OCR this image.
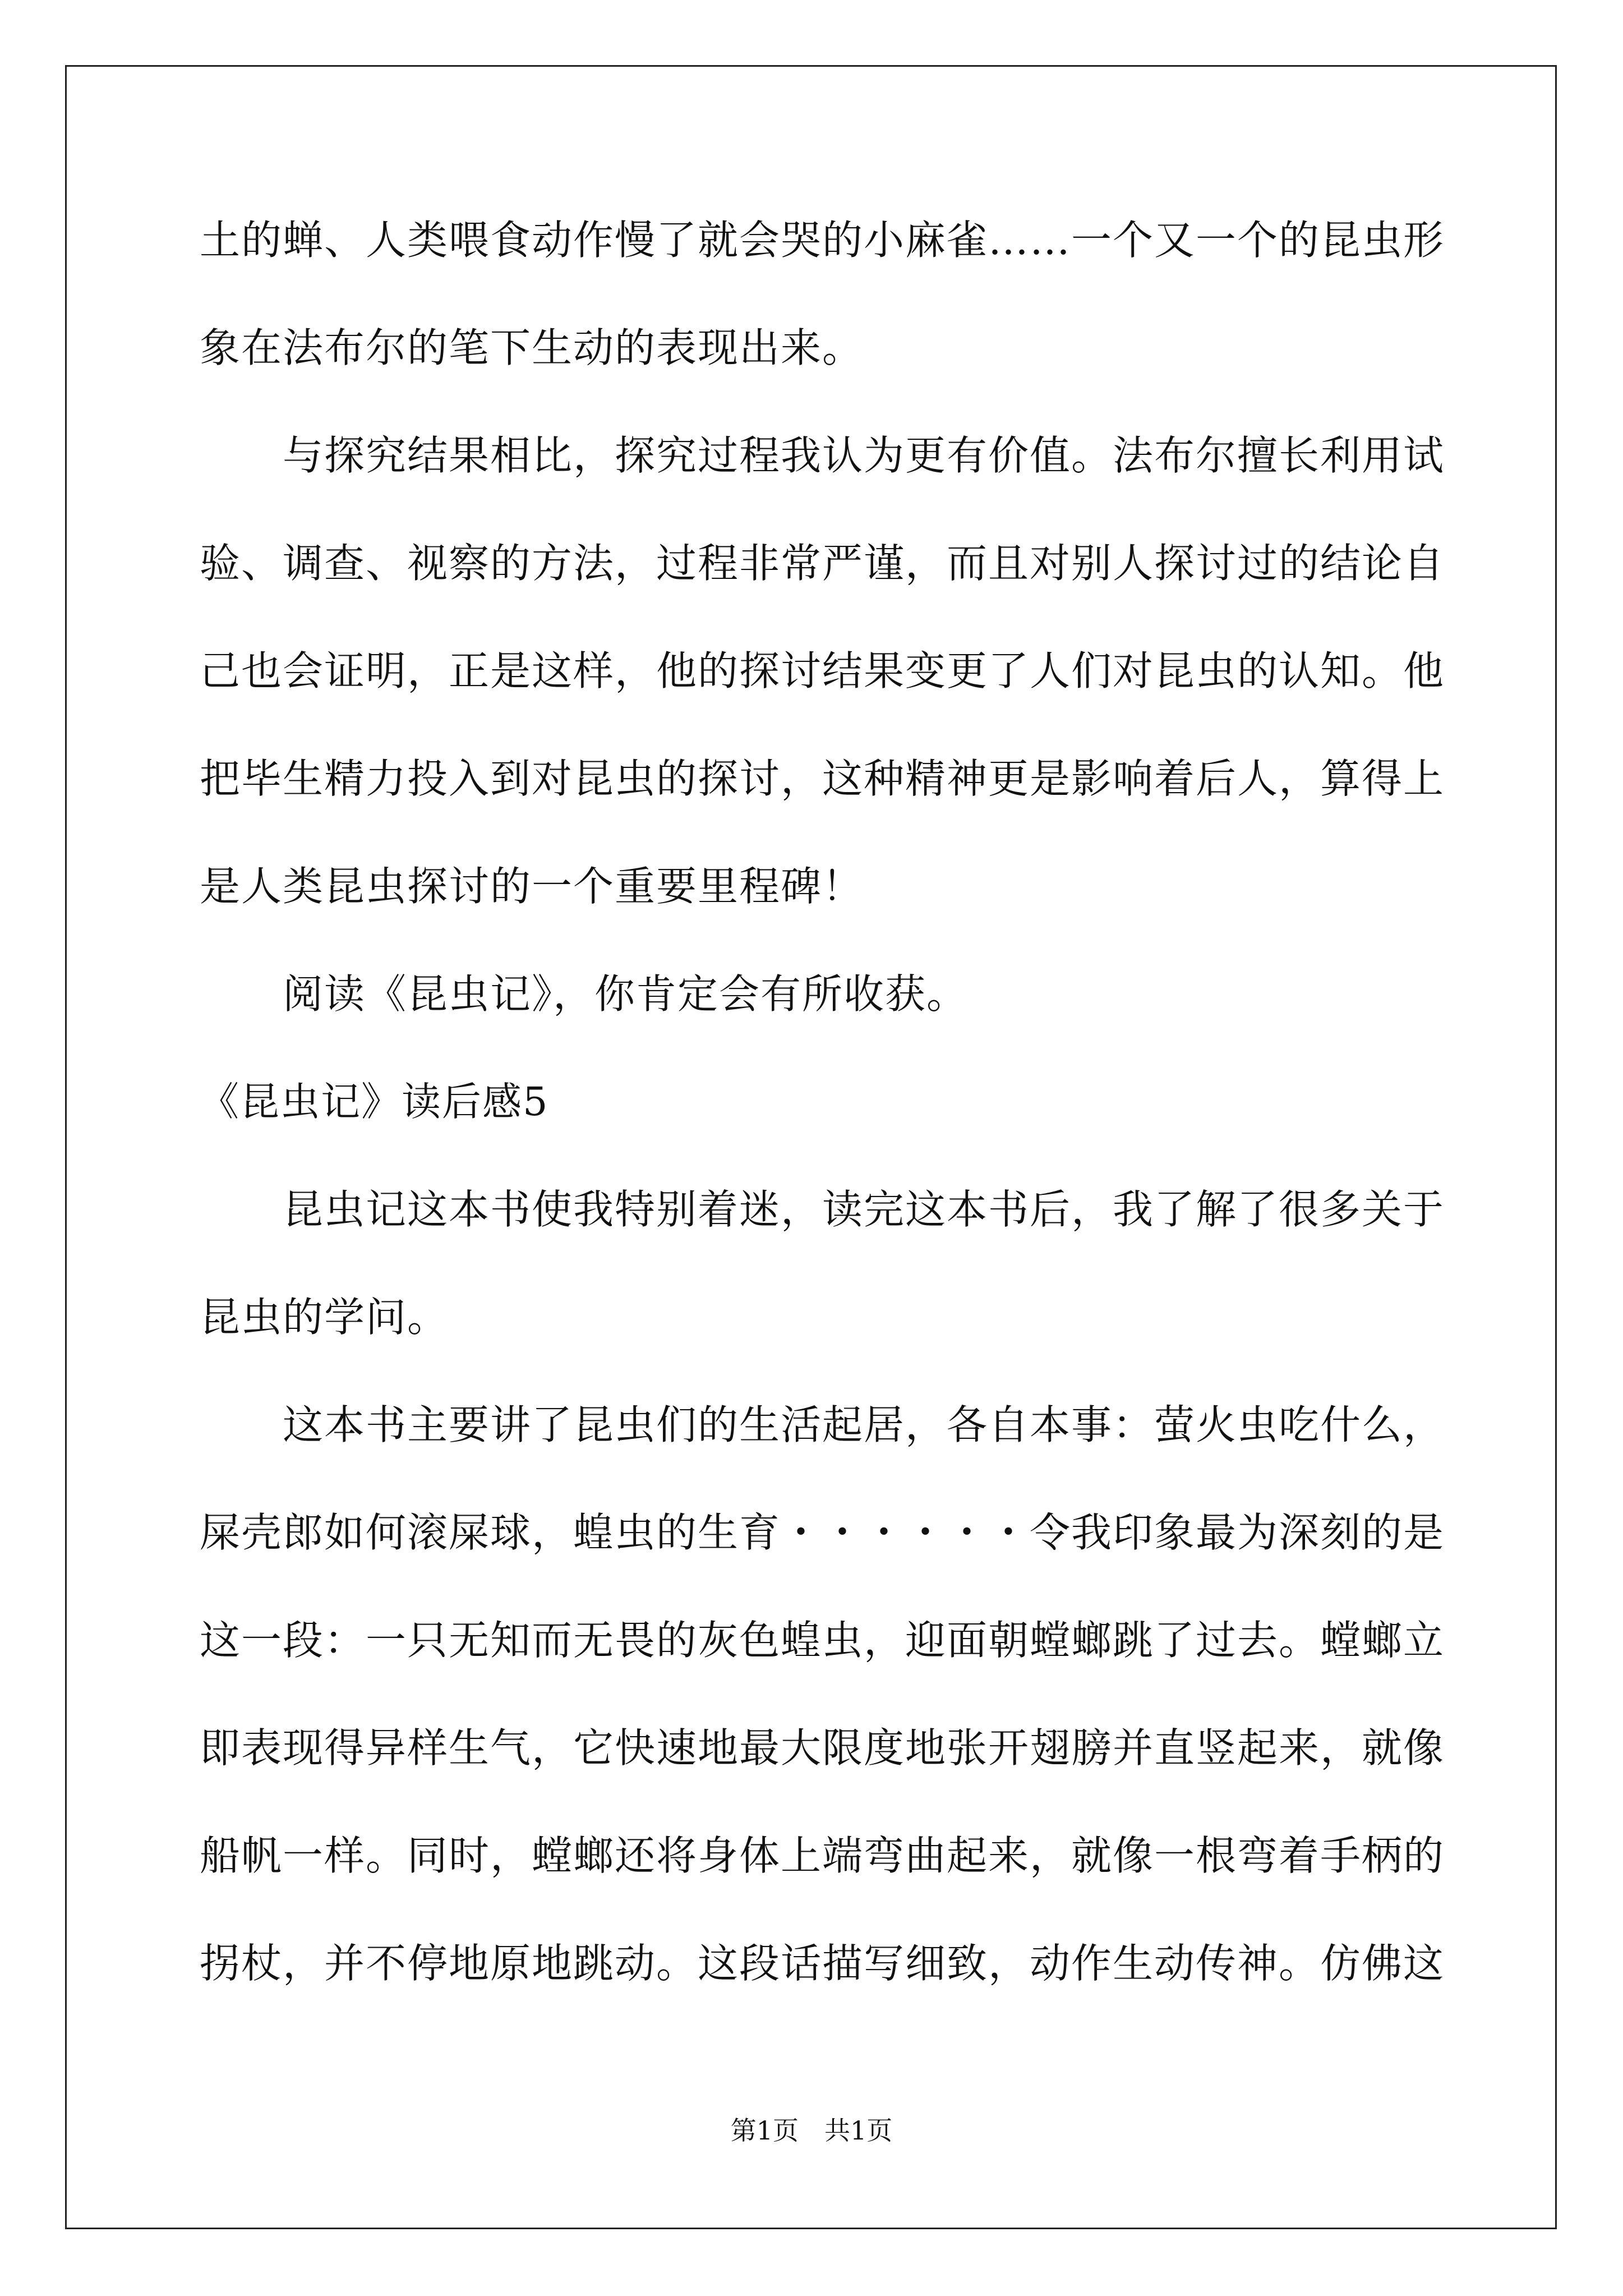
土的蝉、人类喂食动作慢了就会哭的小麻雀……一个又一个的昆虫形
象在法布尔的笔下生动的表现出来。
与探究结果相比，探究过程我认为更有价值。法布尔擅长利用试
验、调查、视察的方法，过程非常严谨，而且对别人探讨过的结论自
己也会证明，正是这样，他的探讨结果变更了人们对昆虫的认知。他
把毕生精力投入到对昆虫的探讨，这种精神更是影响着后人，算得上
是人类昆虫探讨的一个重要里程碑！
阅读《昆虫记》，你肯定会有所收获。
《昆虫记》读后感5
昆虫记这本书使我特别着迷，读完这本书后，我了解了很多关于
昆虫的学问。
这本书主要讲了昆虫们的生活起居，各自本事：萤火虫吃什么，
屎壳郎如何滚屎球，蝗虫的生育・・・・・・令我印象最为深刻的是
这一段：一只无知而无畏的灰色蝗虫，迎面朝螳螂跳了过去。螳螂立
即表现得异样生气，它快速地最大限度地张开翅膀并直竖起来，就像
船帆一样。同时，螳螂还将身体上端弯曲起来，就像一根弯着手柄的
拐杖，并不停地原地跳动。这段话描写细致，动作生动传神。仿佛这
第1页　共1页
